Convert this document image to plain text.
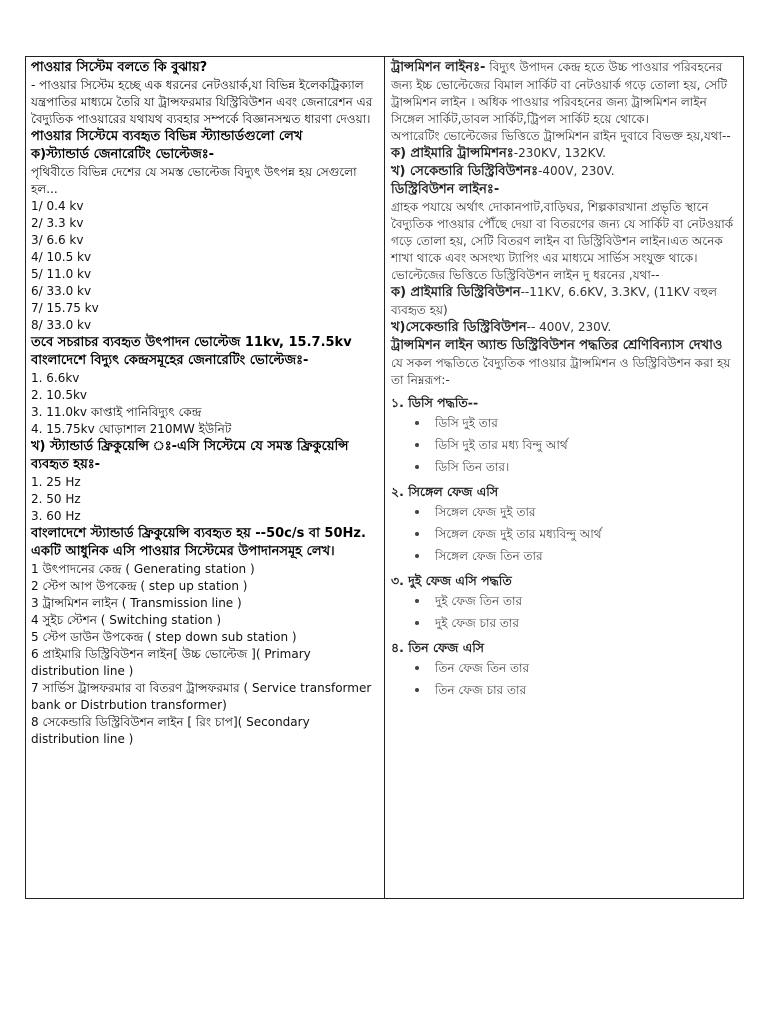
পাওয়ার সিস্টেম বলতে কি বুঝায়?
- পাওয়ার সিস্টেম হচ্ছে এক ধরনের নেটওয়ার্ক,যা বিভিন্ন ইলেকট্রিক্যাল যন্ত্রপাতির মাধ্যমে তৈরি যা ট্রান্সফরমার যিস্ট্রিবিউশন এবং জেনারেশন এর বৈদ্যুতিক পাওয়ারের যথাযথ ব্যবহার সম্পর্কে বিজ্ঞানসম্মত ধারণা দেওয়া।
পাওয়ার সিস্টেমে ব্যবহৃত বিভিন্ন স্ট্যান্ডার্ডগুলো লেখ
ক)স্ট্যান্ডার্ড জেনারেটিং ভোল্টেজঃ-
পৃথিবীতে বিভিন্ন দেশের যে সমস্ত ভোল্টেজ বিদ্যুৎ উৎপন্ন হয় সেগুলো হল...
1/ 0.4 kv
2/ 3.3 kv
3/ 6.6 kv
4/ 10.5 kv
5/ 11.0 kv
6/ 33.0 kv
7/ 15.75 kv
8/ 33.0 kv
তবে সচরাচর ব্যবহৃত উৎপাদন ভোল্টেজ 11kv, 15.7.5kv
বাংলাদেশে বিদ্যুৎ কেন্দ্রসমূহের জেনারেটিং ভোল্টেজঃ-
1. 6.6kv
2. 10.5kv
3. 11.0kv কাপ্তাই পানিবিদ্যুৎ কেন্দ্র
4. 15.75kv ঘোড়াশাল 210MW ইউনিট
খ) স্ট্যান্ডার্ড ফ্রিকুয়েন্সি ঃ-এসি সিস্টেমে যে সমস্ত ফ্রিকুয়েন্সি ব্যবহৃত হয়ঃ-
1. 25 Hz
2. 50 Hz
3. 60 Hz
বাংলাদেশে স্ট্যান্ডার্ড ফ্রিকুয়েন্সি ব্যবহৃত হয় --50c/s বা 50Hz.
একটি আধুনিক এসি পাওয়ার সিস্টেমের উপাদানসমূহ লেখ।
1 উৎপাদনের কেন্দ্র ( Generating station )
2 স্টেপ আপ উপকেন্দ্র ( step up station )
3 ট্রান্সমিশন লাইন ( Transmission line )
4 সুইচ স্টেশন ( Switching station )
5 স্টেপ ডাউন উপকেন্দ্র ( step down sub station )
6 প্রাইমারি ডিস্ট্রিবিউশন লাইন[ উচ্চ ভোল্টেজ ]( Primary distribution line )
7 সার্ভিস ট্রান্সফরমার বা বিতরণ ট্রান্সফরমার ( Service transformer bank or Distrbution transformer)
8 সেকেন্ডারি ডিস্ট্রিবিউশন লাইন [ রিং চাপ]( Secondary distribution line )
ট্রান্সমিশন লাইনঃ- বিদ্যুৎ উপাদন কেন্দ্র হতে উচ্চ পাওয়ার পরিবহনের জন্য ইচ্চ ভোল্টেজের বিমাল সার্কিট বা নেটওয়ার্ক গড়ে তোলা হয়, সেটি ট্রান্সমিশন লাইন । অধিক পাওয়ার পরিবহনের জন্য ট্রান্সমিশন লাইন সিঙ্গেল সার্কিট,ডাবল সার্কিট,ট্রিপল সার্কিট হয়ে থোকে।
অপারেটিং ভোল্টেজের ভিত্তিতে ট্রান্সমিশন রাইন দুবাবে বিভক্ত হয়,যথা--
ক) প্রাইমারি ট্রান্সমিশনঃ-230KV, 132KV.
খ) সেকেন্ডারি ডিস্ট্রিবিউশনঃ-400V, 230V.
ডিস্ট্রিবিউশন লাইনঃ-
গ্রাহক পযায়ে অর্থাৎ দোকানপাট,বাড়িঘর, শিল্পকারখানা প্রভৃতি স্থানে বৈদ্যুতিক পাওয়ার পৌঁছে দেয়া বা বিতরণের জন্য যে সার্কিট বা নেটওয়ার্ক গড়ে তোলা হয়, সেটি বিতরণ লাইন বা ডিস্ট্রিবিউশন লাইন।এত অনেক শাখা থাকে এবং অসংখ্য ট্যাপিং এর মাধ্যমে সার্ভিস সংযুক্ত থাকে।
ভোল্টেজের ভিত্তিতে ডিস্ট্রিবিউশন লাইন দু ধরনের ,যথা--
ক) প্রাইমারি ডিস্ট্রিবিউশন--11KV, 6.6KV, 3.3KV, (11KV বহুল ব্যবহৃত হয়)
খ)সেকেন্ডারি ডিস্ট্রিবিউশন-- 400V, 230V.
ট্রান্সমিশন লাইন অ্যান্ড ডিস্ট্রিবিউশন পদ্ধতির শ্রেণিবিন্যাস দেখাও
যে সকল পদ্ধতিতে বৈদ্যুতিক পাওয়ার ট্রান্সমিশন ও ডিস্ট্রিবিউশন করা হয় তা নিম্নরূপ:-
১. ডিসি পদ্ধতি--
ডিসি দুই তার
ডিসি দুই তার মধ্য বিন্দু আর্থ
ডিসি তিন তার।
২. সিঙ্গেল ফেজ এসি
সিঙ্গেল ফেজ দুই তার
সিঙ্গেল ফেজ দুই তার মধ্যবিন্দু আর্থ
সিঙ্গেল ফেজ তিন তার
৩. দুই ফেজ এসি পদ্ধতি
দুই ফেজ তিন তার
দুই ফেজ চার তার
৪. তিন ফেজ এসি
তিন ফেজ তিন তার
তিন ফেজ চার তার
